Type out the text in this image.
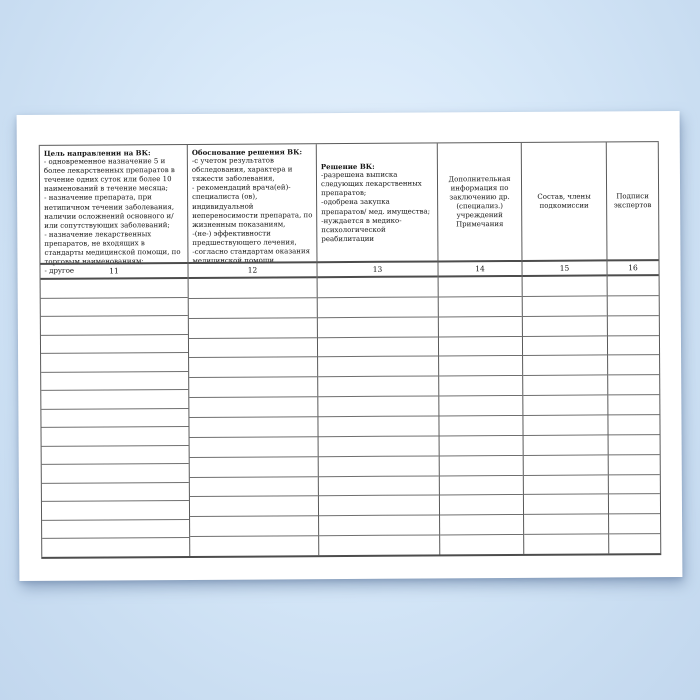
Цель направлении на ВК:
- одновременное назначение 5 и более лекарственных препаратов в течение одних суток или более 10 наименований в течение месяца;
- назначение препарата, при нетипичном течении заболевания, наличии осложнений основного и/или сопутствующих заболеваний;
- назначение лекарственных препаратов, не входящих в стандарты медицинской помощи, по торговым наименованиям;
- другое	11
Обоснование решения ВК:
-с учетом результатов обследования, характера и тяжести заболевания,
- рекомендаций врача(ей)-специалиста (ов), индивидуальной непереносимости препарата, по жизненным показаниям,
-(не-) эффективности предшествующего лечения,
-согласно стандартам оказания медицинской помощи
12
Решение ВК:
-разрешена выписка следующих лекарственных препаратов;
-одобрена закупка препаратов/ мед. имущества;
-нуждается в медико-психологической реабилитации
13
Дополнительная информация по заключению др.(специализ.) учреждений Примечания
14
Состав, члены подкомиссии
15
Подписи экспертов
16
